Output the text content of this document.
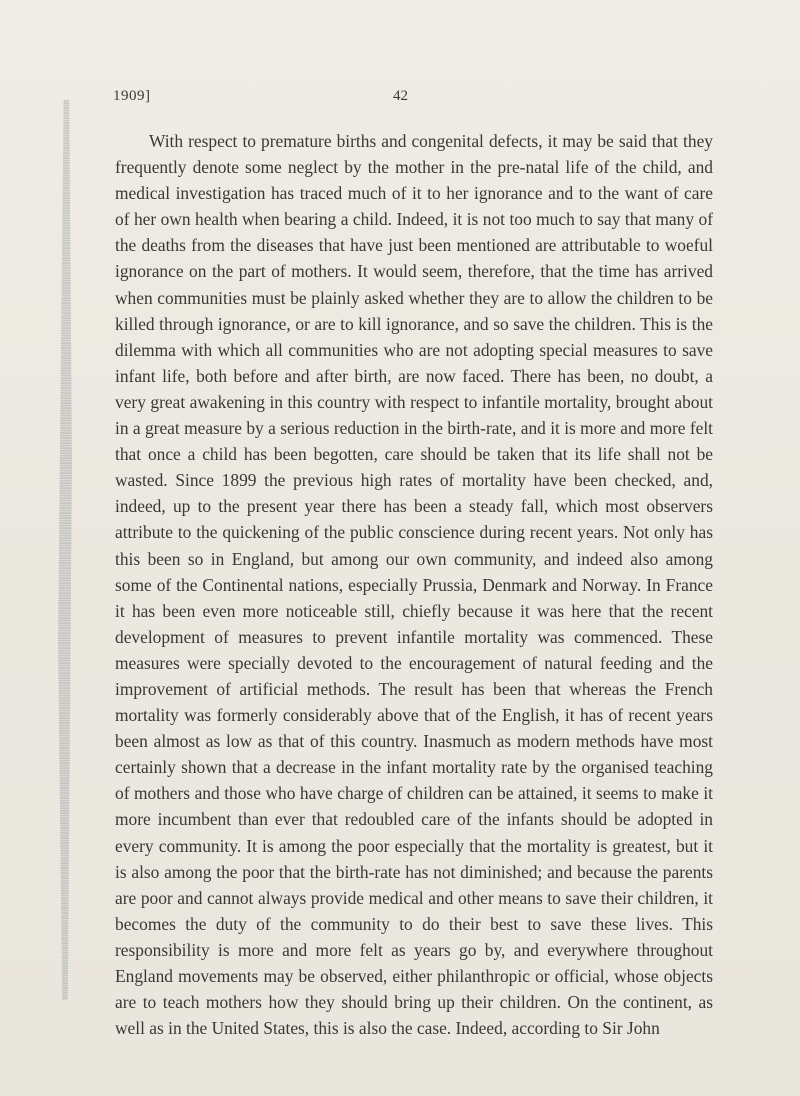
1909]	42

With respect to premature births and congenital defects, it may be said that they frequently denote some neglect by the mother in the pre-natal life of the child, and medical investigation has traced much of it to her ignorance and to the want of care of her own health when bearing a child. Indeed, it is not too much to say that many of the deaths from the diseases that have just been mentioned are attributable to woeful ignorance on the part of mothers. It would seem, therefore, that the time has arrived when communities must be plainly asked whether they are to allow the children to be killed through ignorance, or are to kill ignorance, and so save the children. This is the dilemma with which all communities who are not adopting special measures to save infant life, both before and after birth, are now faced. There has been, no doubt, a very great awakening in this country with respect to infantile mortality, brought about in a great measure by a serious reduction in the birth-rate, and it is more and more felt that once a child has been begotten, care should be taken that its life shall not be wasted. Since 1899 the previous high rates of mortality have been checked, and, indeed, up to the present year there has been a steady fall, which most observers attribute to the quickening of the public conscience during recent years. Not only has this been so in England, but among our own community, and indeed also among some of the Continental nations, especially Prussia, Denmark and Norway. In France it has been even more noticeable still, chiefly because it was here that the recent development of measures to prevent infantile mortality was commenced. These measures were specially devoted to the encouragement of natural feeding and the improvement of artificial methods. The result has been that whereas the French mortality was formerly considerably above that of the English, it has of recent years been almost as low as that of this country. Inasmuch as modern methods have most certainly shown that a decrease in the infant mortality rate by the organised teaching of mothers and those who have charge of children can be attained, it seems to make it more incumbent than ever that redoubled care of the infants should be adopted in every community. It is among the poor especially that the mortality is greatest, but it is also among the poor that the birth-rate has not diminished; and because the parents are poor and cannot always provide medical and other means to save their children, it becomes the duty of the community to do their best to save these lives. This responsibility is more and more felt as years go by, and everywhere throughout England movements may be observed, either philanthropic or official, whose objects are to teach mothers how they should bring up their children. On the continent, as well as in the United States, this is also the case. Indeed, according to Sir John
